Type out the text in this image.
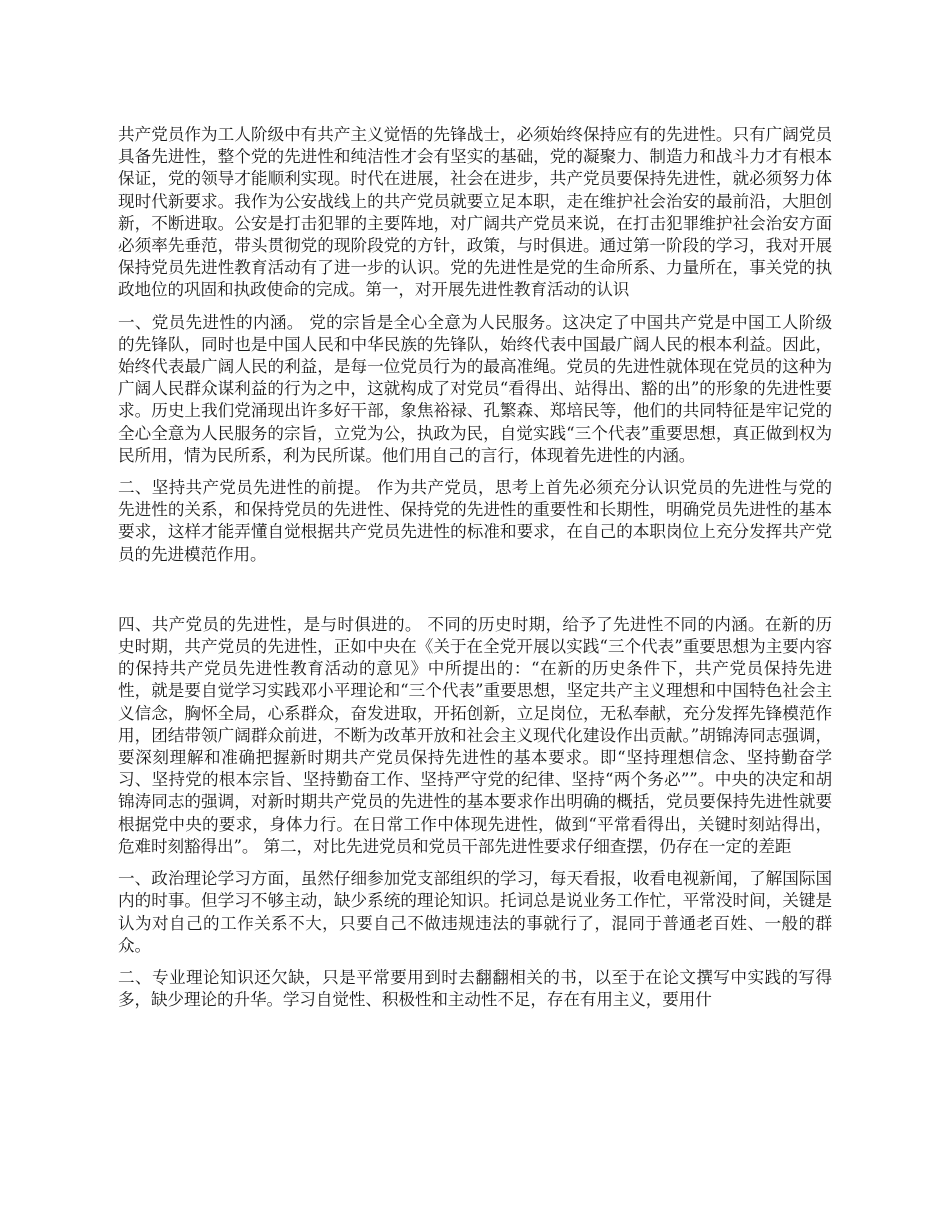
共产党员作为工人阶级中有共产主义觉悟的先锋战士，必须始终保持应有的先进性。只有广阔党员具备先进性，整个党的先进性和纯洁性才会有坚实的基础，党的凝聚力、制造力和战斗力才有根本保证，党的领导才能顺利实现。时代在进展，社会在进步，共产党员要保持先进性，就必须努力体现时代新要求。我作为公安战线上的共产党员就要立足本职，走在维护社会治安的最前沿，大胆创新，不断进取。公安是打击犯罪的主要阵地，对广阔共产党员来说，在打击犯罪维护社会治安方面必须率先垂范，带头贯彻党的现阶段党的方针，政策，与时俱进。通过第一阶段的学习，我对开展保持党员先进性教育活动有了进一步的认识。党的先进性是党的生命所系、力量所在，事关党的执政地位的巩固和执政使命的完成。第一，对开展先进性教育活动的认识

一、党员先进性的内涵。 党的宗旨是全心全意为人民服务。这决定了中国共产党是中国工人阶级的先锋队，同时也是中国人民和中华民族的先锋队，始终代表中国最广阔人民的根本利益。因此，始终代表最广阔人民的利益，是每一位党员行为的最高准绳。党员的先进性就体现在党员的这种为广阔人民群众谋利益的行为之中，这就构成了对党员“看得出、站得出、豁的出”的形象的先进性要求。历史上我们党涌现出许多好干部，象焦裕禄、孔繁森、郑培民等，他们的共同特征是牢记党的全心全意为人民服务的宗旨，立党为公，执政为民，自觉实践“三个代表”重要思想，真正做到权为民所用，情为民所系，利为民所谋。他们用自己的言行，体现着先进性的内涵。

二、坚持共产党员先进性的前提。 作为共产党员，思考上首先必须充分认识党员的先进性与党的先进性的关系，和保持党员的先进性、保持党的先进性的重要性和长期性，明确党员先进性的基本要求，这样才能弄懂自觉根据共产党员先进性的标准和要求，在自己的本职岗位上充分发挥共产党员的先进模范作用。

四、共产党员的先进性，是与时俱进的。 不同的历史时期，给予了先进性不同的内涵。在新的历史时期，共产党员的先进性，正如中央在《关于在全党开展以实践“三个代表”重要思想为主要内容的保持共产党员先进性教育活动的意见》中所提出的：“在新的历史条件下，共产党员保持先进性，就是要自觉学习实践邓小平理论和“三个代表”重要思想，坚定共产主义理想和中国特色社会主义信念，胸怀全局，心系群众，奋发进取，开拓创新，立足岗位，无私奉献，充分发挥先锋模范作用，团结带领广阔群众前进，不断为改革开放和社会主义现代化建设作出贡献。”胡锦涛同志强调，要深刻理解和准确把握新时期共产党员保持先进性的基本要求。即“坚持理想信念、坚持勤奋学习、坚持党的根本宗旨、坚持勤奋工作、坚持严守党的纪律、坚持“两个务必””。中央的决定和胡锦涛同志的强调，对新时期共产党员的先进性的基本要求作出明确的概括，党员要保持先进性就要根据党中央的要求，身体力行。在日常工作中体现先进性，做到“平常看得出，关键时刻站得出，危难时刻豁得出”。 第二，对比先进党员和党员干部先进性要求仔细查摆，仍存在一定的差距

一、政治理论学习方面，虽然仔细参加党支部组织的学习，每天看报，收看电视新闻，了解国际国内的时事。但学习不够主动，缺少系统的理论知识。托词总是说业务工作忙，平常没时间，关键是认为对自己的工作关系不大，只要自己不做违规违法的事就行了，混同于普通老百姓、一般的群众。

二、专业理论知识还欠缺，只是平常要用到时去翻翻相关的书，以至于在论文撰写中实践的写得多，缺少理论的升华。学习自觉性、积极性和主动性不足，存在有用主义，要用什
